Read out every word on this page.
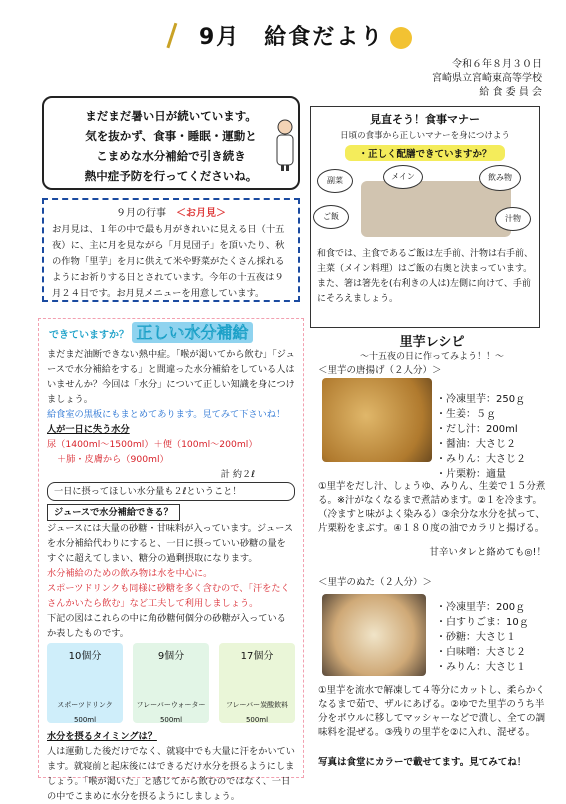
9月　給食だより
令和６年８月３０日
宮崎県立宮崎東高等学校
給 食 委 員 会
まだまだ暑い日が続いています。
気を抜かず、食事・睡眠・運動と
こまめな水分補給で引き続き
熱中症予防を行ってくださいね。
９月の行事　 ＜お月見＞
お月見は、１年の中で最も月がきれいに見える日（十五夜）に、主に月を見ながら「月見団子」を頂いたり、秋の作物「里芋」を月に供えて米や野菜がたくさん採れるようにお祈りする日とされています。今年の十五夜は９月２４日です。お月見メニューを用意しています。
見直そう！食事マナー
日頃の食事から正しいマナーを身につけよう
・正しく配膳できていますか？
副菜	メイン	飲み物
ご飯	汁物
和食では、主食であるご飯は左手前、汁物は右手前、主菜（メイン料理）はご飯の右奥と決まっています。また、箸は箸先を(右利きの人は)左側に向けて、手前にそろえましょう。
できていますか？ 正しい水分補給
まだまだ油断できない熱中症。「喉が渇いてから飲む」「ジュースで水分補給をする」と間違った水分補給をしている人はいませんか？今回は「水分」について正しい知識を身につけましょう。
給食室の黒板にもまとめてあります。見てみて下さいね！
人が一日に失う水分
尿（1400ml〜1500ml）＋便（100ml〜200ml）
＋肺・皮膚から（900ml）
計 約２ℓ
一日に摂ってほしい水分量も２ℓということ！
ジュースで水分補給できる？
ジュースには大量の砂糖・甘味料が入っています。ジュースを水分補給代わりにすると、一日に摂っていい砂糖の量をすぐに超えてしまい、糖分の過剰摂取になります。
水分補給のための飲み物は水を中心に。
スポーツドリンクも同様に砂糖を多く含むので、「汗をたくさんかいたら飲む」など工夫して利用しましょう。
下記の図はこれらの中に角砂糖何個分の砂糖が入っているか表したものです。
10個分
スポーツドリンク
500ml
9個分
フレーバーウォーター
500ml
17個分
フレーバー炭酸飲料
500ml
水分を摂るタイミングは？
人は運動した後だけでなく、就寝中でも大量に汗をかいています。就寝前と起床後にはできるだけ水分を摂るようにしましょう。「喉が渇いた」と感じてから飲むのではなく、一日の中でこまめに水分を摂るようにしましょう。
里芋レシピ
〜十五夜の日に作ってみよう！！〜
＜里芋の唐揚げ（２人分）＞
・冷凍里芋：250ｇ
・生姜：５ｇ
・だし汁：200ml
・醤油：大さじ２
・みりん：大さじ２
・片栗粉：適量
①里芋をだし汁、しょうゆ、みりん、生姜で１５分煮る。※汁がなくなるまで煮詰めます。②１を冷ます。（冷ますと味がよく染みる）③余分な水分を拭って、片栗粉をまぶす。④１８０度の油でカラリと揚げる。
甘辛いタレと絡めても◎!！
＜里芋のぬた（２人分）＞
・冷凍里芋：200ｇ
・白すりごま：10ｇ
・砂糖：大さじ１
・白味噌：大さじ２
・みりん：大さじ１
①里芋を流水で解凍して４等分にカットし、柔らかくなるまで茹で、ザルにあげる。②ゆでた里芋のうち半分をボウルに移してマッシャーなどで潰し、全ての調味料を混ぜる。③残りの里芋を②に入れ、混ぜる。
写真は食堂にカラーで載せてます。見てみてね！
